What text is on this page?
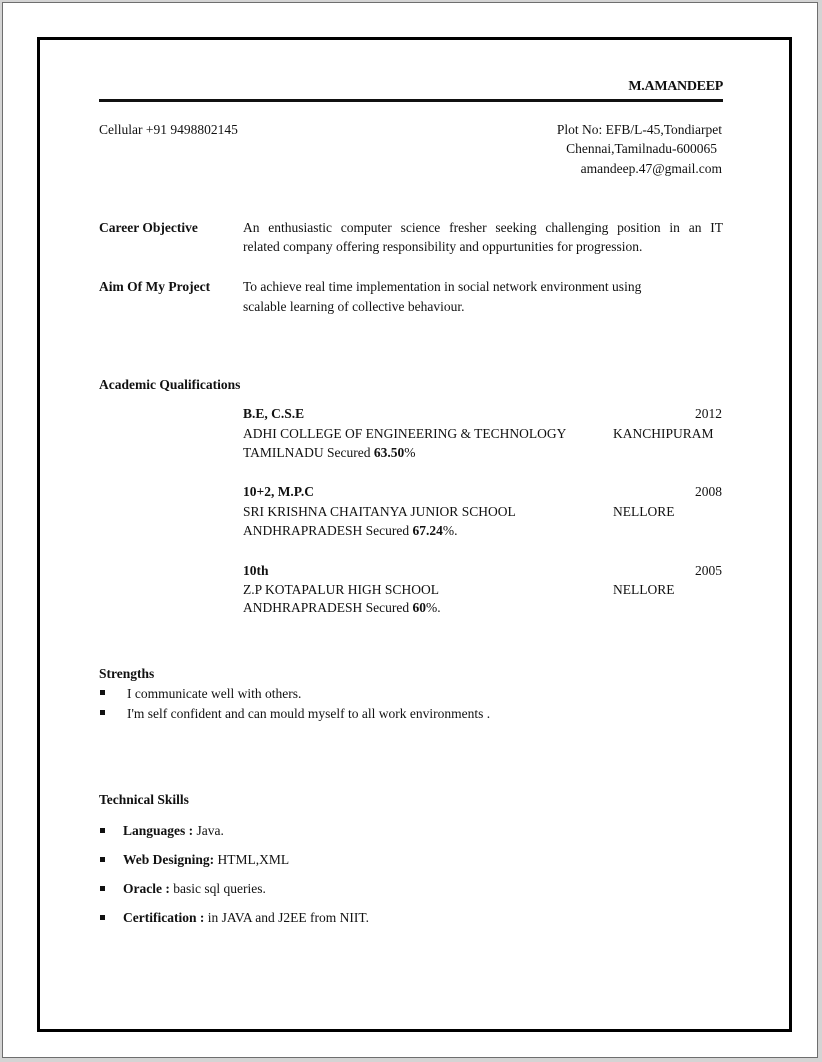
M.AMANDEEP
Cellular +91 9498802145	Plot No: EFB/L-45,Tondiarpet
Chennai,Tamilnadu-600065
amandeep.47@gmail.com
Career Objective	An enthusiastic computer science fresher seeking challenging position in an IT
related company offering responsibility and oppurtunities for progression.
Aim Of My Project To achieve real time implementation in social network environment using
scalable learning of collective behaviour.
Academic Qualifications
B.E, C.S.E	2012
ADHI COLLEGE OF ENGINEERING & TECHNOLOGY	KANCHIPURAM
TAMILNADU Secured 63.50%
10+2, M.P.C	2008
SRI KRISHNA CHAITANYA JUNIOR SCHOOL	NELLORE
ANDHRAPRADESH Secured 67.24%.
10th	2005
Z.P KOTAPALUR HIGH SCHOOL	NELLORE
ANDHRAPRADESH Secured 60%.
Strengths
I communicate well with others.
I'm self confident and can mould myself to all work environments .
Technical Skills
Languages : Java.
Web Designing: HTML,XML
Oracle : basic sql queries.
Certification : in JAVA and J2EE from NIIT.
